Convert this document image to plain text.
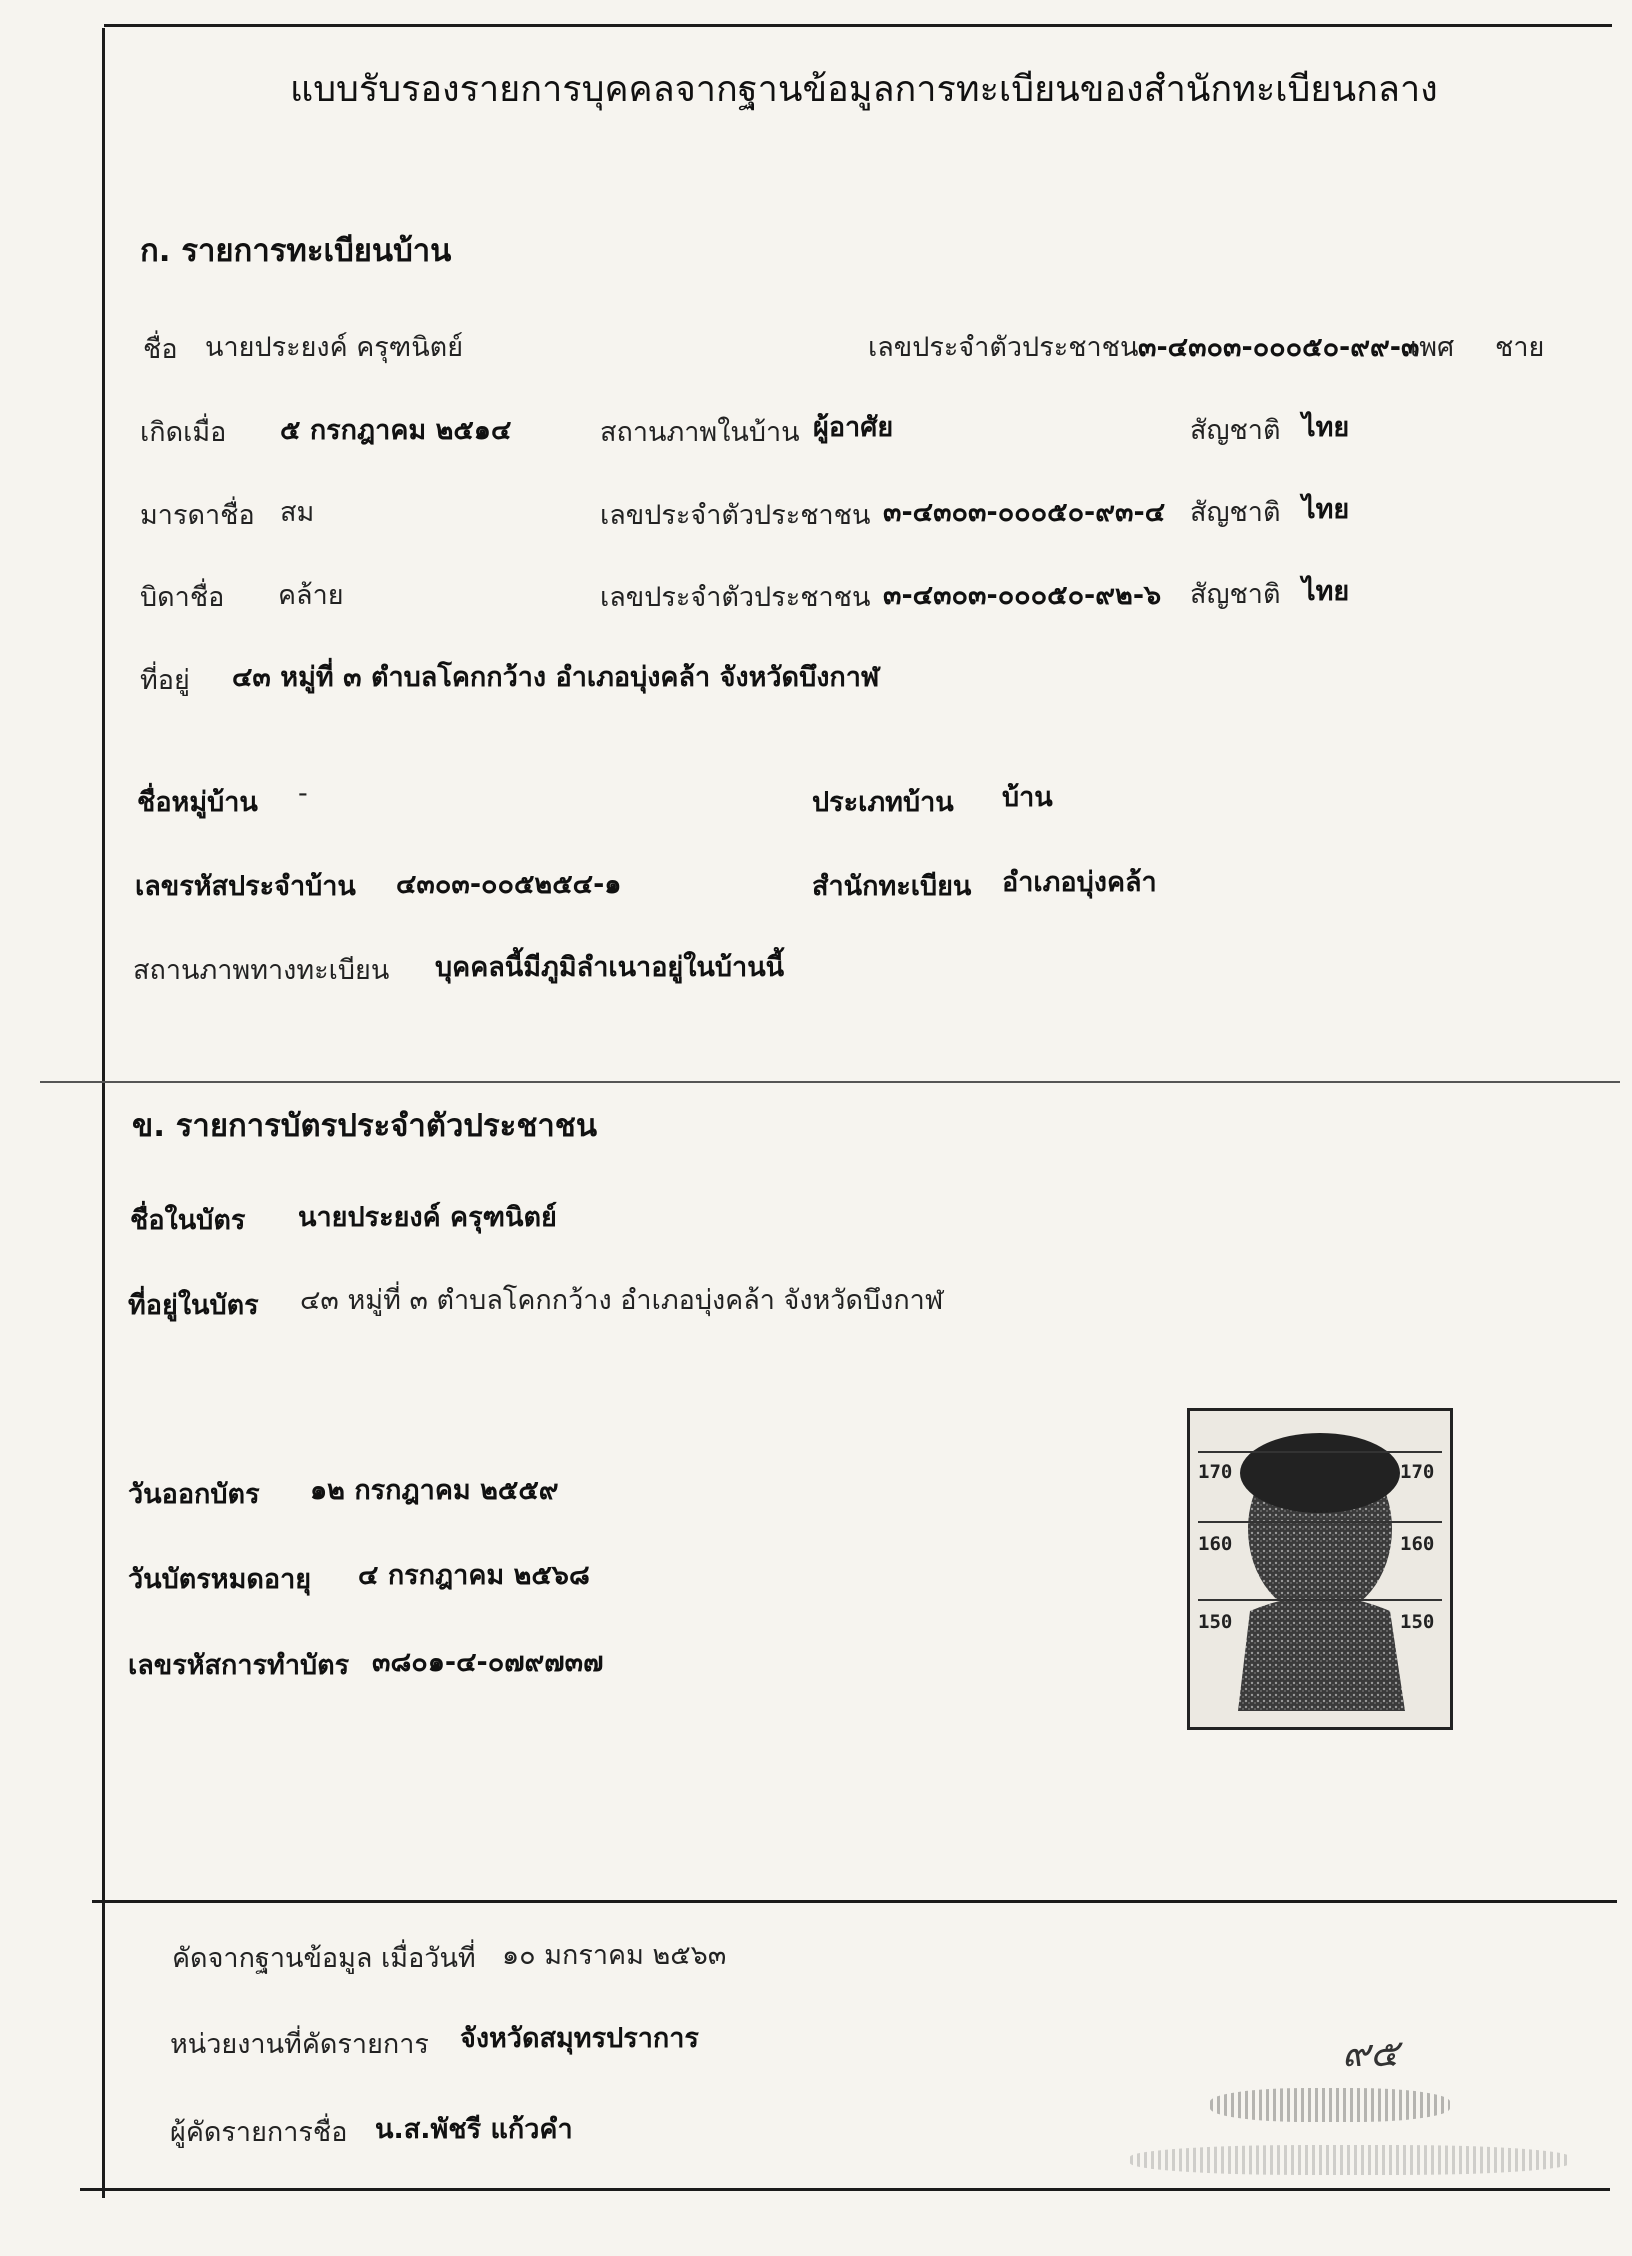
แบบรับรองรายการบุคคลจากฐานข้อมูลการทะเบียนของสำนักทะเบียนกลาง
ก. รายการทะเบียนบ้าน
ชื่อ นายประยงค์ ครุฑนิตย์	เลขประจำตัวประชาชน ๓-๔๓๐๓-๐๐๐๕๐-๙๙-๓
เพศ ชาย
เกิดเมื่อ ๕ กรกฎาคม ๒๕๑๔	สถานภาพในบ้าน ผู้อาศัย	สัญชาติ ไทย
มารดาชื่อ สม	เลขประจำตัวประชาชน ๓-๔๓๐๓-๐๐๐๕๐-๙๓-๔ สัญชาติ ไทย
บิดาชื่อ คล้าย	เลขประจำตัวประชาชน ๓-๔๓๐๓-๐๐๐๕๐-๙๒-๖ สัญชาติ ไทย
ที่อยู่ ๔๓ หมู่ที่ ๓ ตำบลโคกกว้าง อำเภอบุ่งคล้า จังหวัดบึงกาฬ
ชื่อหมู่บ้าน -	ประเภทบ้าน บ้าน
เลขรหัสประจำบ้าน ๔๓๐๓-๐๐๕๒๕๔-๑	สำนักทะเบียน อำเภอบุ่งคล้า
สถานภาพทางทะเบียน บุคคลนี้มีภูมิลำเนาอยู่ในบ้านนี้
ข. รายการบัตรประจำตัวประชาชน
ชื่อในบัตร นายประยงค์ ครุฑนิตย์
ที่อยู่ในบัตร ๔๓ หมู่ที่ ๓ ตำบลโคกกว้าง อำเภอบุ่งคล้า จังหวัดบึงกาฬ
วันออกบัตร ๑๒ กรกฎาคม ๒๕๕๙
วันบัตรหมดอายุ ๔ กรกฎาคม ๒๕๖๘
เลขรหัสการทำบัตร ๓๘๐๑-๔-๐๗๙๗๓๗
170	170
160	160
150	150
คัดจากฐานข้อมูล เมื่อวันที่ ๑๐ มกราคม ๒๕๖๓
หน่วยงานที่คัดรายการ จังหวัดสมุทรปราการ
ผู้คัดรายการชื่อ น.ส.พัชรี แก้วคำ
๙๕
